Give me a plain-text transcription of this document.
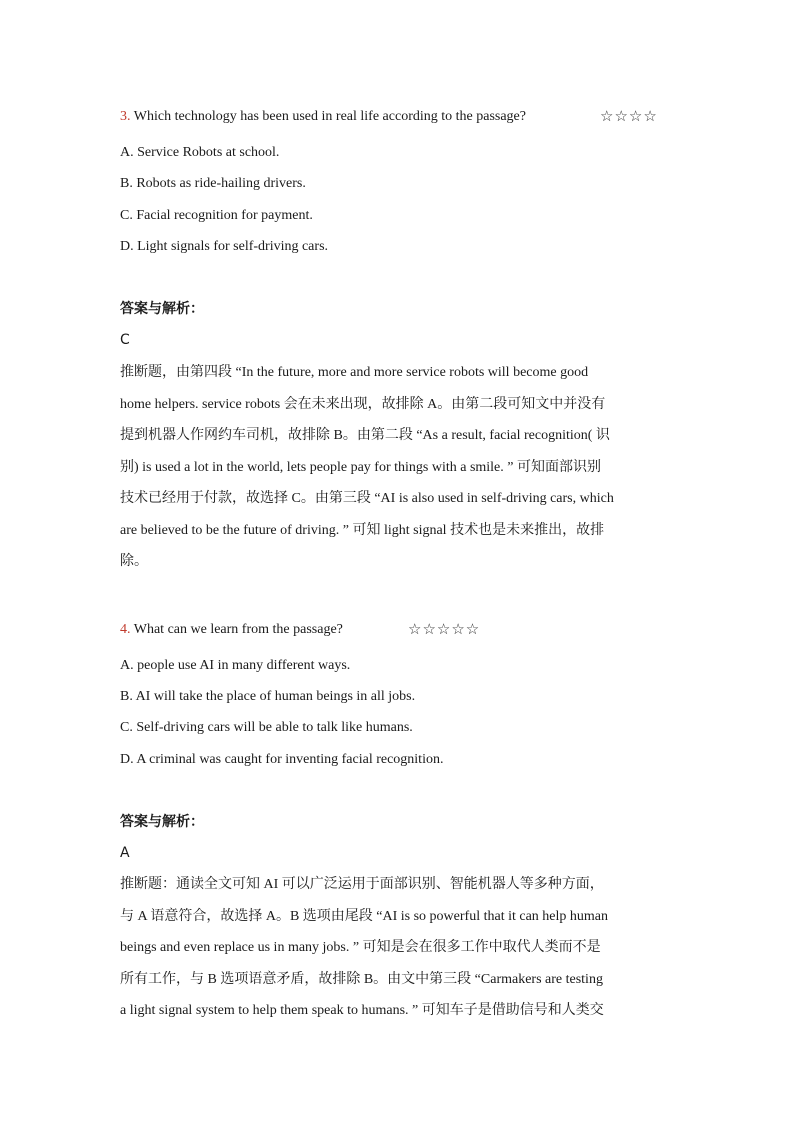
3. Which technology has been used in real life according to the passage?	☆☆☆☆
A. Service Robots at school.
B. Robots as ride-hailing drivers.
C. Facial recognition for payment.
D. Light signals for self-driving cars.
答案与解析：
C
推断题，由第四段 “In the future, more and more service robots will become good
home helpers. service robots 会在未来出现，故排除 A。由第二段可知文中并没有
提到机器人作网约车司机，故排除 B。由第二段 “As a result, facial recognition( 识
别) is used a lot in the world, lets people pay for things with a smile. ” 可知面部识别
技术已经用于付款，故选择 C。由第三段 “AI is also used in self-driving cars, which
are believed to be the future of driving. ” 可知 light signal 技术也是未来推出，故排
除。
4. What can we learn from the passage?	☆☆☆☆☆
A. people use AI in many different ways.
B. AI will take the place of human beings in all jobs.
C. Self-driving cars will be able to talk like humans.
D. A criminal was caught for inventing facial recognition.
答案与解析：
A
推断题：通读全文可知 AI 可以广泛运用于面部识别、智能机器人等多种方面，
与 A 语意符合，故选择 A。B 选项由尾段 “AI is so powerful that it can help human
beings and even replace us in many jobs. ” 可知是会在很多工作中取代人类而不是
所有工作，与 B 选项语意矛盾，故排除 B。由文中第三段 “Carmakers are testing
a light signal system to help them speak to humans. ” 可知车子是借助信号和人类交
